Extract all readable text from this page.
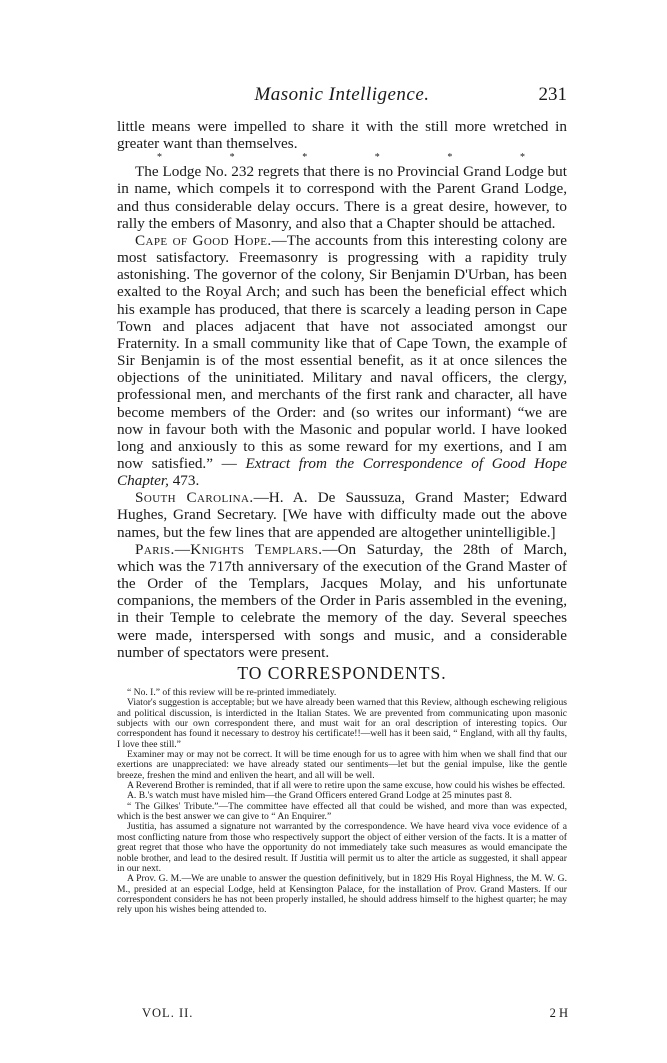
Masonic Intelligence.	231

little means were impelled to share it with the still more wretched in greater want than themselves.

*	*	*	*	*	*

The Lodge No. 232 regrets that there is no Provincial Grand Lodge but in name, which compels it to correspond with the Parent Grand Lodge, and thus considerable delay occurs. There is a great desire, however, to rally the embers of Masonry, and also that a Chapter should be attached.

Cape of Good Hope.—The accounts from this interesting colony are most satisfactory. Freemasonry is progressing with a rapidity truly astonishing. The governor of the colony, Sir Benjamin D'Urban, has been exalted to the Royal Arch; and such has been the beneficial effect which his example has produced, that there is scarcely a leading person in Cape Town and places adjacent that have not associated amongst our Fraternity. In a small community like that of Cape Town, the example of Sir Benjamin is of the most essential benefit, as it at once silences the objections of the uninitiated. Military and naval officers, the clergy, professional men, and merchants of the first rank and character, all have become members of the Order: and (so writes our informant) “we are now in favour both with the Masonic and popular world. I have looked long and anxiously to this as some reward for my exertions, and I am now satisfied.” — Extract from the Correspondence of Good Hope Chapter, 473.

South Carolina.—H. A. De Saussuza, Grand Master; Edward Hughes, Grand Secretary. [We have with difficulty made out the above names, but the few lines that are appended are altogether unintelligible.]

Paris.—Knights Templars.—On Saturday, the 28th of March, which was the 717th anniversary of the execution of the Grand Master of the Order of the Templars, Jacques Molay, and his unfortunate companions, the members of the Order in Paris assembled in the evening, in their Temple to celebrate the memory of the day. Several speeches were made, interspersed with songs and music, and a considerable number of spectators were present.

TO CORRESPONDENTS.

“ No. I.” of this review will be re-printed immediately.

Viator's suggestion is acceptable; but we have already been warned that this Review, although eschewing religious and political discussion, is interdicted in the Italian States. We are prevented from communicating upon masonic subjects with our own correspondent there, and must wait for an oral description of interesting topics. Our correspondent has found it necessary to destroy his certificate!!—well has it been said, “ England, with all thy faults, I love thee still.”

Examiner may or may not be correct. It will be time enough for us to agree with him when we shall find that our exertions are unappreciated: we have already stated our sentiments—let but the genial impulse, like the gentle breeze, freshen the mind and enliven the heart, and all will be well.

A Reverend Brother is reminded, that if all were to retire upon the same excuse, how could his wishes be effected.

A. B.'s watch must have misled him—the Grand Officers entered Grand Lodge at 25 minutes past 8.

“ The Gilkes' Tribute.”—The committee have effected all that could be wished, and more than was expected, which is the best answer we can give to “ An Enquirer.”

Justitia, has assumed a signature not warranted by the correspondence. We have heard viva voce evidence of a most conflicting nature from those who respectively support the object of either version of the facts. It is a matter of great regret that those who have the opportunity do not immediately take such measures as would emancipate the noble brother, and lead to the desired result. If Justitia will permit us to alter the article as suggested, it shall appear in our next.

A Prov. G. M.—We are unable to answer the question definitively, but in 1829 His Royal Highness, the M. W. G. M., presided at an especial Lodge, held at Kensington Palace, for the installation of Prov. Grand Masters. If our correspondent considers he has not been properly installed, he should address himself to the highest quarter; he may rely upon his wishes being attended to.

VOL. II.	2 H
